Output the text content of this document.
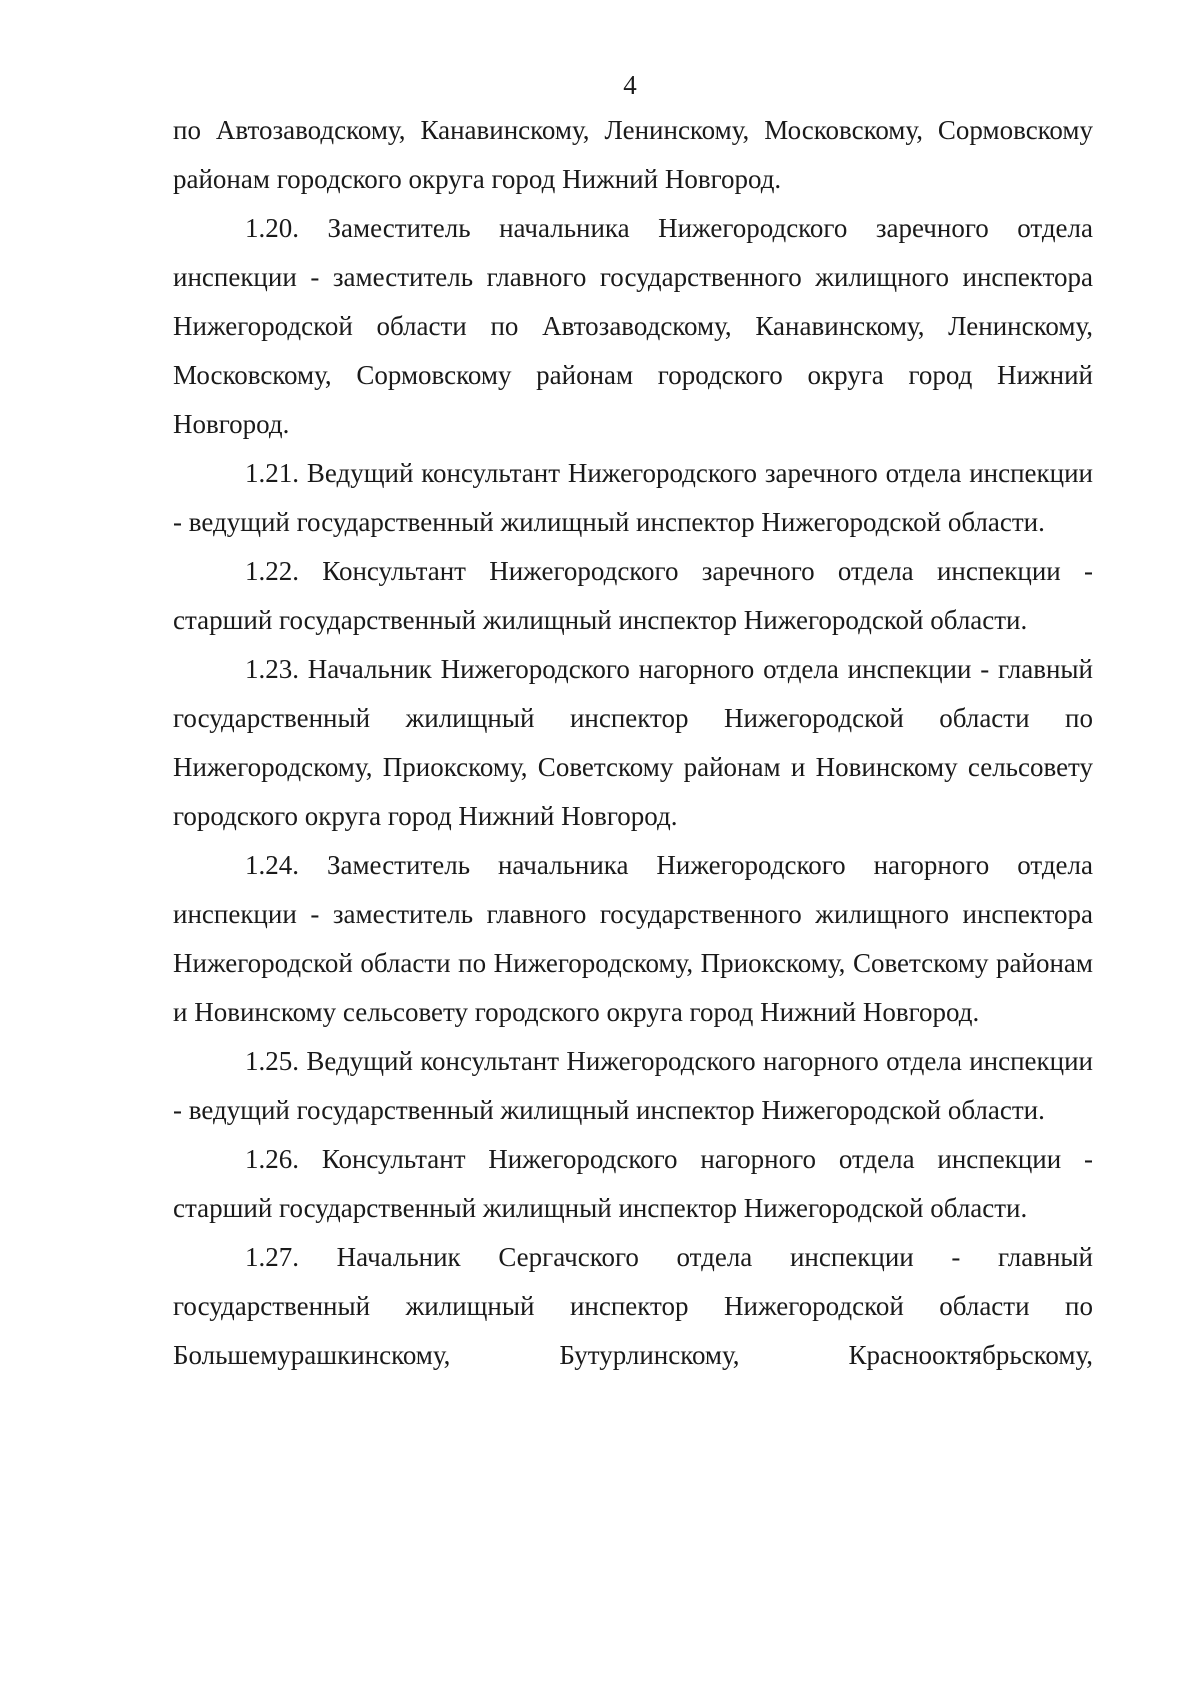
4

по Автозаводскому, Канавинскому, Ленинскому, Московскому, Сормовскому районам городского округа город Нижний Новгород.

1.20. Заместитель начальника Нижегородского заречного отдела инспекции - заместитель главного государственного жилищного инспектора Нижегородской области по Автозаводскому, Канавинскому, Ленинскому, Московскому, Сормовскому районам городского округа город Нижний Новгород.

1.21. Ведущий консультант Нижегородского заречного отдела инспекции - ведущий государственный жилищный инспектор Нижегородской области.

1.22. Консультант Нижегородского заречного отдела инспекции - старший государственный жилищный инспектор Нижегородской области.

1.23. Начальник Нижегородского нагорного отдела инспекции - главный государственный жилищный инспектор Нижегородской области по Нижегородскому, Приокскому, Советскому районам и Новинскому сельсовету городского округа город Нижний Новгород.

1.24. Заместитель начальника Нижегородского нагорного отдела инспекции - заместитель главного государственного жилищного инспектора Нижегородской области по Нижегородскому, Приокскому, Советскому районам и Новинскому сельсовету городского округа город Нижний Новгород.

1.25. Ведущий консультант Нижегородского нагорного отдела инспекции - ведущий государственный жилищный инспектор Нижегородской области.

1.26. Консультант Нижегородского нагорного отдела инспекции - старший государственный жилищный инспектор Нижегородской области.

1.27. Начальник Сергачского отдела инспекции - главный государственный жилищный инспектор Нижегородской области по Большемурашкинскому, Бутурлинскому, Краснооктябрьскому,
